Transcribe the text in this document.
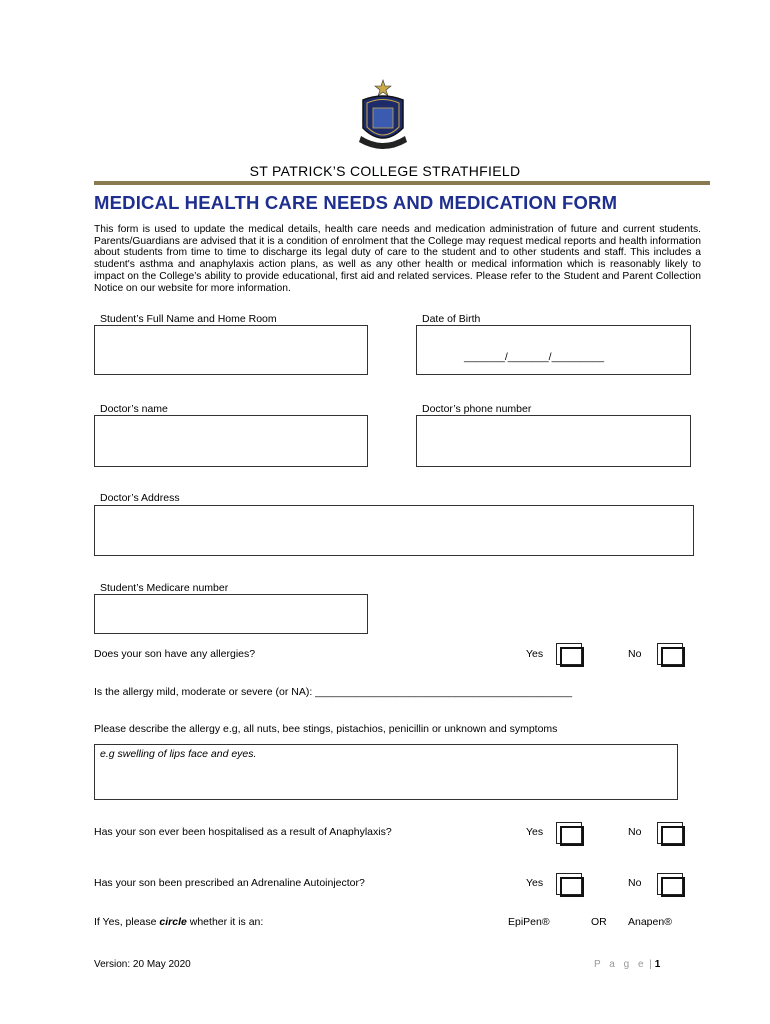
ST PATRICK’S COLLEGE STRATHFIELD
MEDICAL HEALTH CARE NEEDS AND MEDICATION FORM
This form is used to update the medical details, health care needs and medication administration of future and current students. Parents/Guardians are advised that it is a condition of enrolment that the College may request medical reports and health information about students from time to time to discharge its legal duty of care to the student and to other students and staff. This includes a student's asthma and anaphylaxis action plans, as well as any other health or medical information which is reasonably likely to impact on the College’s ability to provide educational, first aid and related services. Please refer to the Student and Parent Collection Notice on our website for more information.
Student’s Full Name and Home Room	Date of Birth
_______/_______/_________
Doctor’s name	Doctor’s phone number
Doctor’s Address
Student’s Medicare number
Does your son have any allergies?	Yes	No
Is the allergy mild, moderate or severe (or NA): ____________________________________________
Please describe the allergy e.g, all nuts, bee stings, pistachios, penicillin or unknown and symptoms
e.g swelling of lips face and eyes.
Has your son ever been hospitalised as a result of Anaphylaxis?	Yes	No
Has your son been prescribed an Adrenaline Autoinjector?	Yes	No
If Yes, please circle whether it is an:	EpiPen®	OR Anapen®
Version: 20 May 2020	P a g e | 1
